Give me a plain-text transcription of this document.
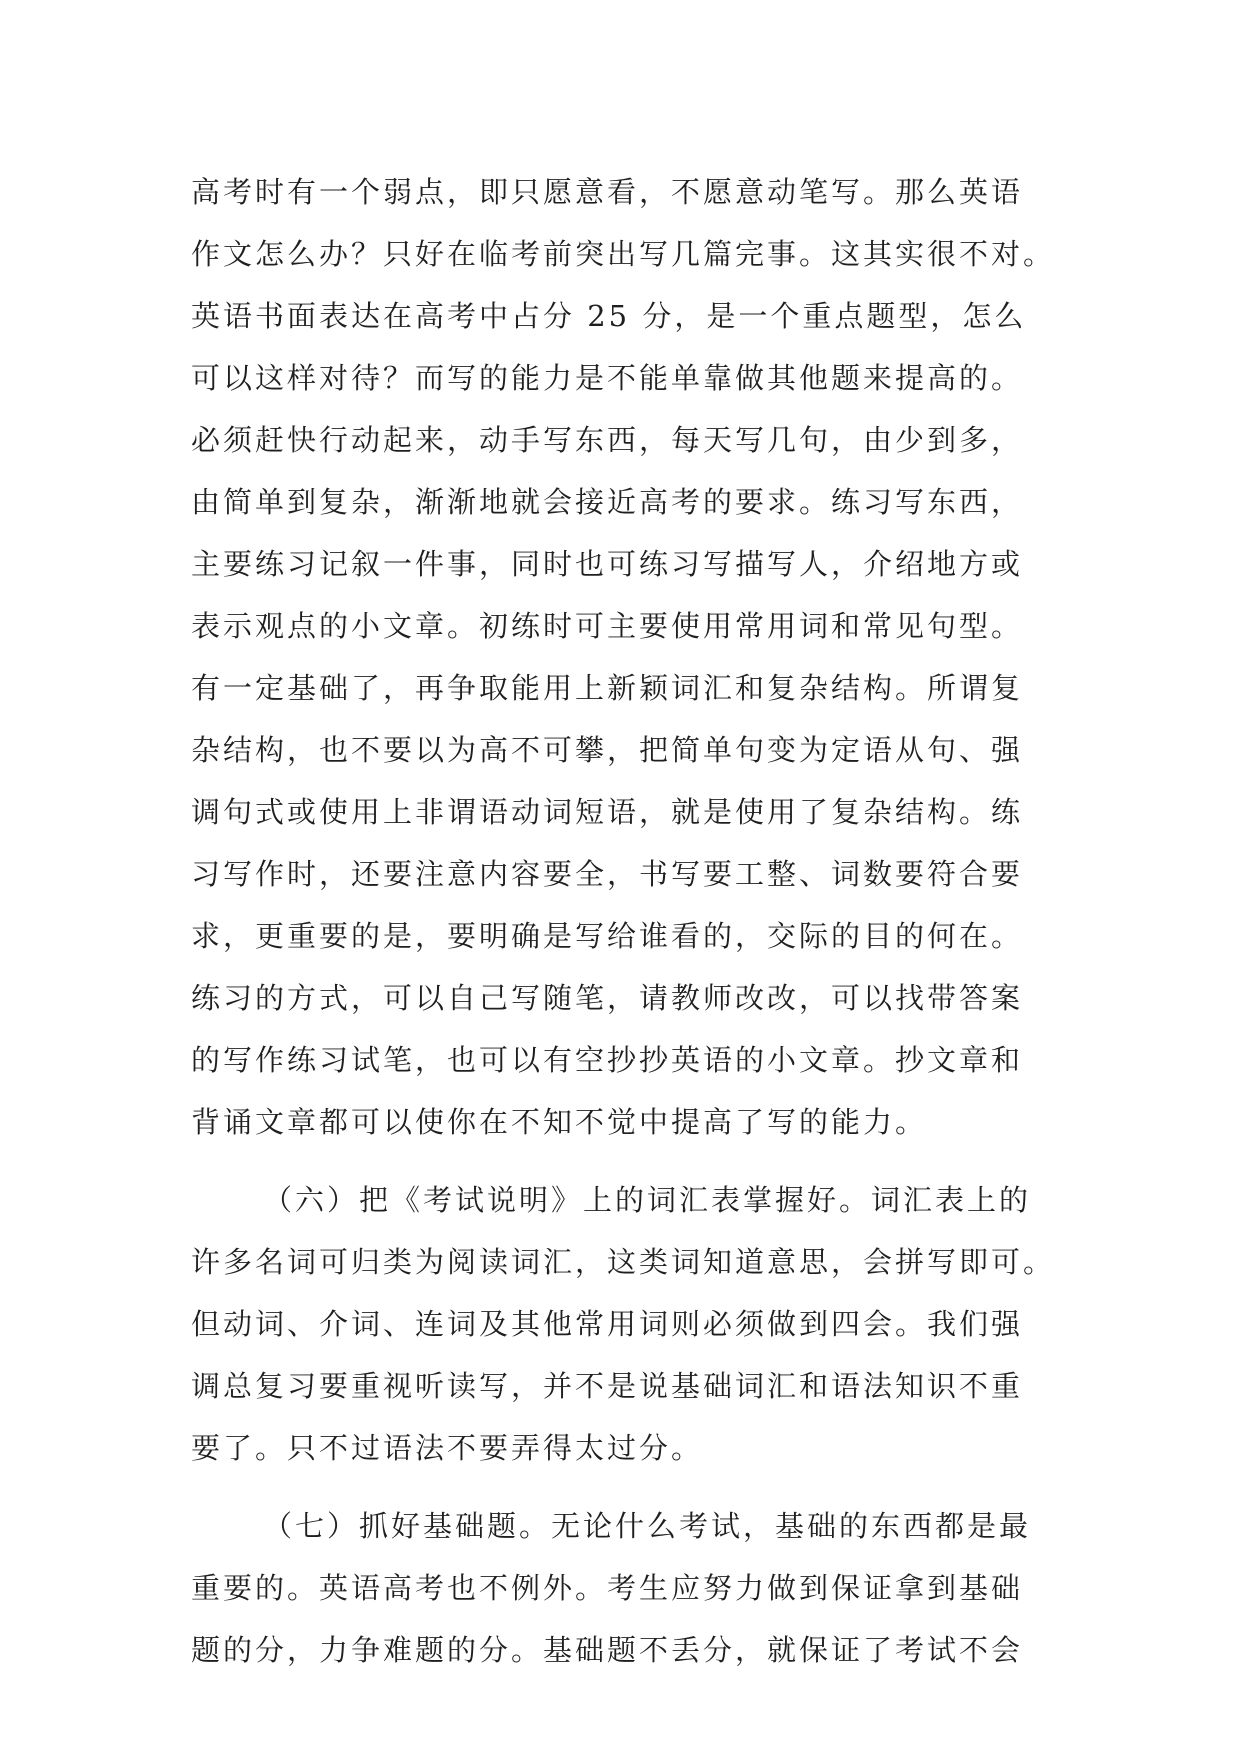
高考时有一个弱点，即只愿意看，不愿意动笔写。那么英语
作文怎么办？只好在临考前突出写几篇完事。这其实很不对。
英语书面表达在高考中占分 25 分，是一个重点题型，怎么
可以这样对待？而写的能力是不能单靠做其他题来提高的。
必须赶快行动起来，动手写东西，每天写几句，由少到多，
由简单到复杂，渐渐地就会接近高考的要求。练习写东西，
主要练习记叙一件事，同时也可练习写描写人，介绍地方或
表示观点的小文章。初练时可主要使用常用词和常见句型。
有一定基础了，再争取能用上新颖词汇和复杂结构。所谓复
杂结构，也不要以为高不可攀，把简单句变为定语从句、强
调句式或使用上非谓语动词短语，就是使用了复杂结构。练
习写作时，还要注意内容要全，书写要工整、词数要符合要
求，更重要的是，要明确是写给谁看的，交际的目的何在。
练习的方式，可以自己写随笔，请教师改改，可以找带答案
的写作练习试笔，也可以有空抄抄英语的小文章。抄文章和
背诵文章都可以使你在不知不觉中提高了写的能力。
（六）把《考试说明》上的词汇表掌握好。词汇表上的
许多名词可归类为阅读词汇，这类词知道意思，会拼写即可。
但动词、介词、连词及其他常用词则必须做到四会。我们强
调总复习要重视听读写，并不是说基础词汇和语法知识不重
要了。只不过语法不要弄得太过分。
（七）抓好基础题。无论什么考试，基础的东西都是最
重要的。英语高考也不例外。考生应努力做到保证拿到基础
题的分，力争难题的分。基础题不丢分，就保证了考试不会
